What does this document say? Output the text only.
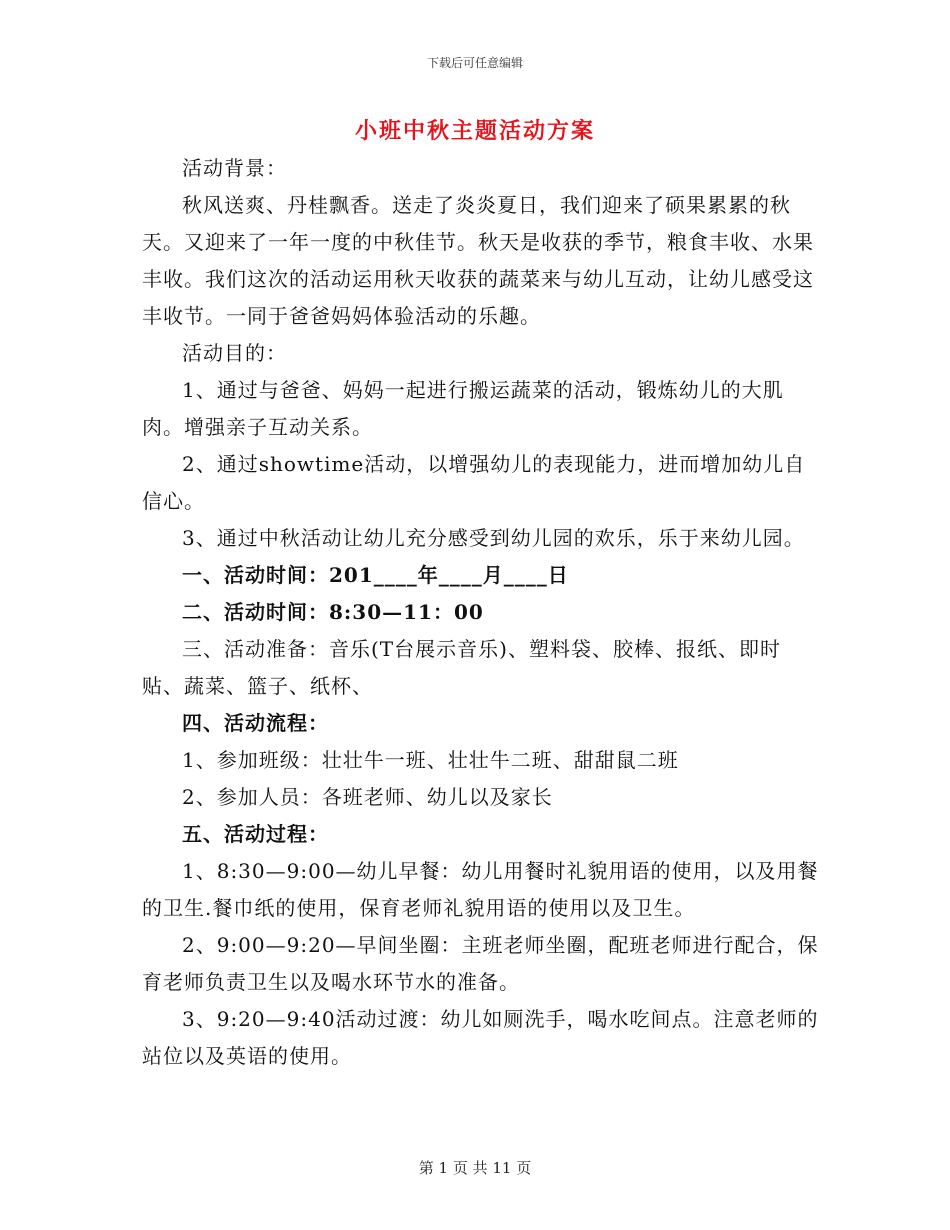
下载后可任意编辑
小班中秋主题活动方案

活动背景：

秋风送爽、丹桂飘香。送走了炎炎夏日，我们迎来了硕果累累的秋天。又迎来了一年一度的中秋佳节。秋天是收获的季节，粮食丰收、水果丰收。我们这次的活动运用秋天收获的蔬菜来与幼儿互动，让幼儿感受这丰收节。一同于爸爸妈妈体验活动的乐趣。

活动目的：

1、通过与爸爸、妈妈一起进行搬运蔬菜的活动，锻炼幼儿的大肌肉。增强亲子互动关系。

2、通过showtime活动，以增强幼儿的表现能力，进而增加幼儿自信心。

3、通过中秋活动让幼儿充分感受到幼儿园的欢乐，乐于来幼儿园。

一、活动时间：201____年____月____日

二、活动时间：8:30—11：00

三、活动准备：音乐(T台展示音乐)、塑料袋、胶棒、报纸、即时贴、蔬菜、篮子、纸杯、

四、活动流程：

1、参加班级：壮壮牛一班、壮壮牛二班、甜甜鼠二班

2、参加人员：各班老师、幼儿以及家长

五、活动过程：

1、8:30—9:00—幼儿早餐：幼儿用餐时礼貌用语的使用，以及用餐的卫生.餐巾纸的使用，保育老师礼貌用语的使用以及卫生。

2、9:00—9:20—早间坐圈：主班老师坐圈，配班老师进行配合，保育老师负责卫生以及喝水环节水的准备。

3、9:20—9:40活动过渡：幼儿如厕洗手，喝水吃间点。注意老师的站位以及英语的使用。

第 1 页 共 11 页
